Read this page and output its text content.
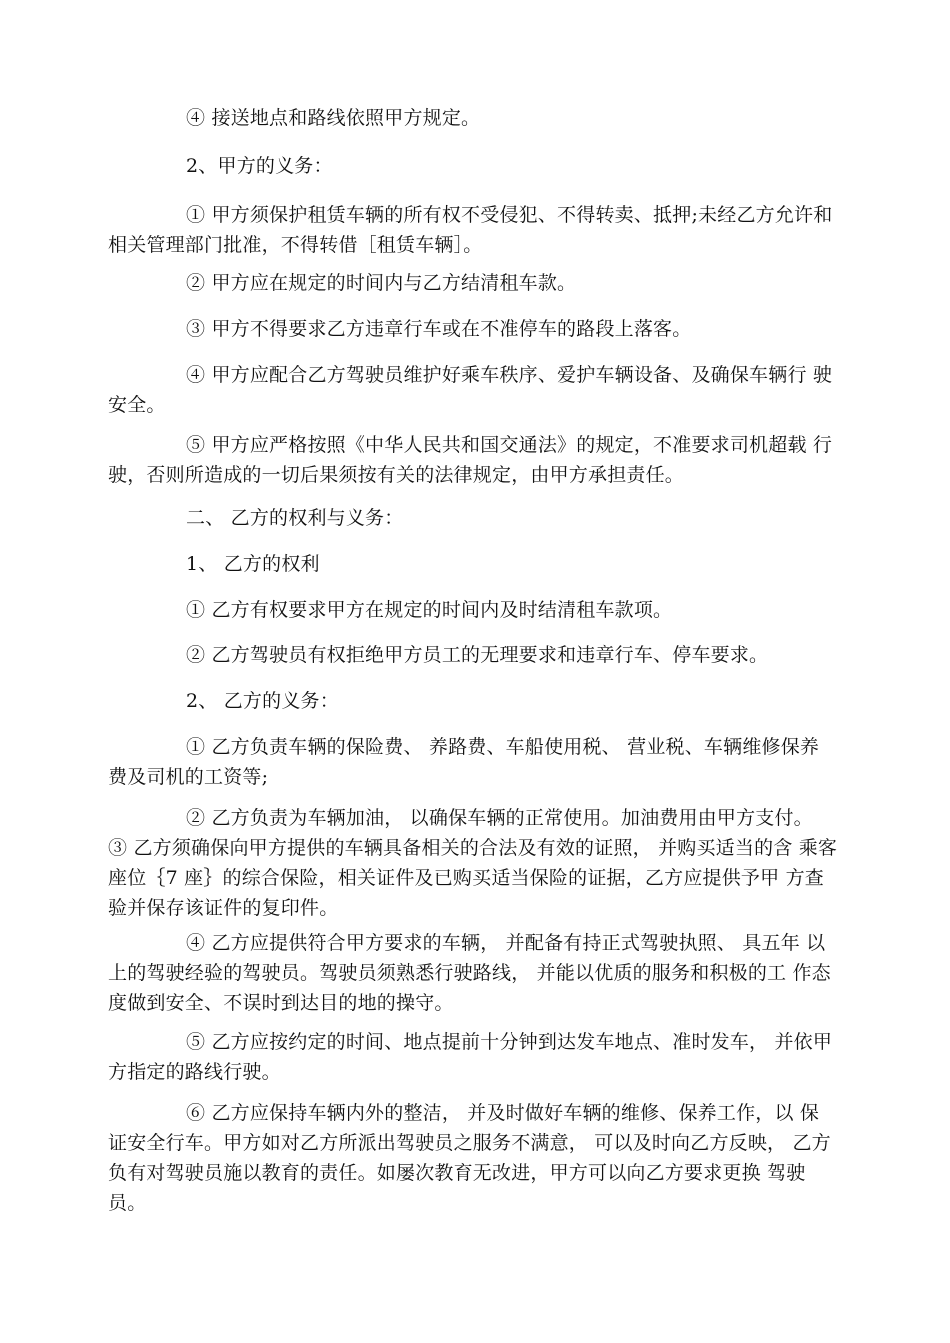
④ 接送地点和路线依照甲方规定。

2、甲方的义务：

① 甲方须保护租赁车辆的所有权不受侵犯、不得转卖、抵押;未经乙方允许和相关管理部门批准，不得转借［租赁车辆］。

② 甲方应在规定的时间内与乙方结清租车款。

③ 甲方不得要求乙方违章行车或在不准停车的路段上落客。

④ 甲方应配合乙方驾驶员维护好乘车秩序、爱护车辆设备、及确保车辆行 驶安全。

⑤ 甲方应严格按照《中华人民共和国交通法》的规定，不准要求司机超载 行驶，否则所造成的一切后果须按有关的法律规定，由甲方承担责任。

二、 乙方的权利与义务：

1、 乙方的权利

① 乙方有权要求甲方在规定的时间内及时结清租车款项。

② 乙方驾驶员有权拒绝甲方员工的无理要求和违章行车、停车要求。

2、 乙方的义务：

① 乙方负责车辆的保险费、 养路费、车船使用税、 营业税、车辆维修保养 费及司机的工资等;

② 乙方负责为车辆加油， 以确保车辆的正常使用。加油费用由甲方支付。 ③ 乙方须确保向甲方提供的车辆具备相关的合法及有效的证照， 并购买适当的含 乘客座位｛7 座｝的综合保险，相关证件及已购买适当保险的证据，乙方应提供予甲 方查验并保存该证件的复印件。

④ 乙方应提供符合甲方要求的车辆， 并配备有持正式驾驶执照、 具五年 以上的驾驶经验的驾驶员。驾驶员须熟悉行驶路线， 并能以优质的服务和积极的工 作态度做到安全、不误时到达目的地的操守。

⑤ 乙方应按约定的时间、地点提前十分钟到达发车地点、准时发车， 并依甲方指定的路线行驶。

⑥ 乙方应保持车辆内外的整洁， 并及时做好车辆的维修、保养工作，以 保证安全行车。甲方如对乙方所派出驾驶员之服务不满意， 可以及时向乙方反映， 乙方负有对驾驶员施以教育的责任。如屡次教育无改进，甲方可以向乙方要求更换 驾驶员。
